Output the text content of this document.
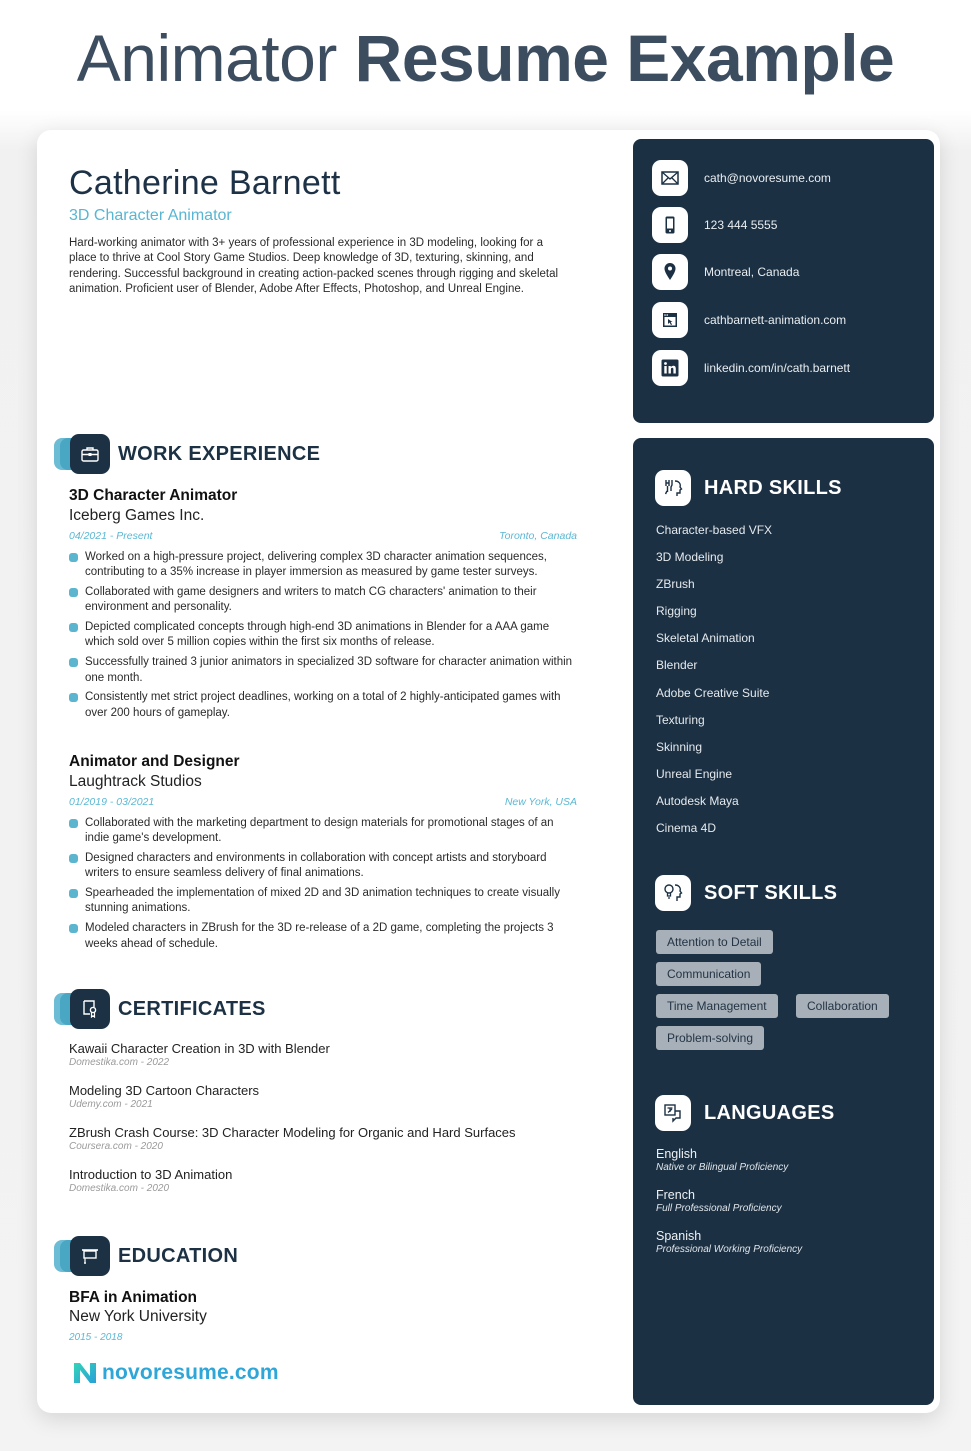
Animator Resume Example
Catherine Barnett
3D Character Animator
Hard-working animator with 3+ years of professional experience in 3D modeling, looking for a place to thrive at Cool Story Game Studios. Deep knowledge of 3D, texturing, skinning, and rendering. Successful background in creating action-packed scenes through rigging and skeletal animation. Proficient user of Blender, Adobe After Effects, Photoshop, and Unreal Engine.
cath@novoresume.com
123 444 5555
Montreal, Canada
cathbarnett-animation.com
linkedin.com/in/cath.barnett
WORK EXPERIENCE
3D Character Animator
Iceberg Games Inc.
04/2021 - Present	Toronto, Canada
Worked on a high-pressure project, delivering complex 3D character animation sequences, contributing to a 35% increase in player immersion as measured by game tester surveys.
Collaborated with game designers and writers to match CG characters' animation to their environment and personality.
Depicted complicated concepts through high-end 3D animations in Blender for a AAA game which sold over 5 million copies within the first six months of release.
Successfully trained 3 junior animators in specialized 3D software for character animation within one month.
Consistently met strict project deadlines, working on a total of 2 highly-anticipated games with over 200 hours of gameplay.
Animator and Designer
Laughtrack Studios
01/2019 - 03/2021	New York, USA
Collaborated with the marketing department to design materials for promotional stages of an indie game's development.
Designed characters and environments in collaboration with concept artists and storyboard writers to ensure seamless delivery of final animations.
Spearheaded the implementation of mixed 2D and 3D animation techniques to create visually stunning animations.
Modeled characters in ZBrush for the 3D re-release of a 2D game, completing the projects 3 weeks ahead of schedule.
CERTIFICATES
Kawaii Character Creation in 3D with Blender
Domestika.com - 2022
Modeling 3D Cartoon Characters
Udemy.com - 2021
ZBrush Crash Course: 3D Character Modeling for Organic and Hard Surfaces
Coursera.com - 2020
Introduction to 3D Animation
Domestika.com - 2020
EDUCATION
BFA in Animation
New York University
2015 - 2018
novoresume.com
HARD SKILLS
Character-based VFX
3D Modeling
ZBrush
Rigging
Skeletal Animation
Blender
Adobe Creative Suite
Texturing
Skinning
Unreal Engine
Autodesk Maya
Cinema 4D
SOFT SKILLS
Attention to Detail
Communication
Time Management	Collaboration
Problem-solving
LANGUAGES
English
Native or Bilingual Proficiency
French
Full Professional Proficiency
Spanish
Professional Working Proficiency
